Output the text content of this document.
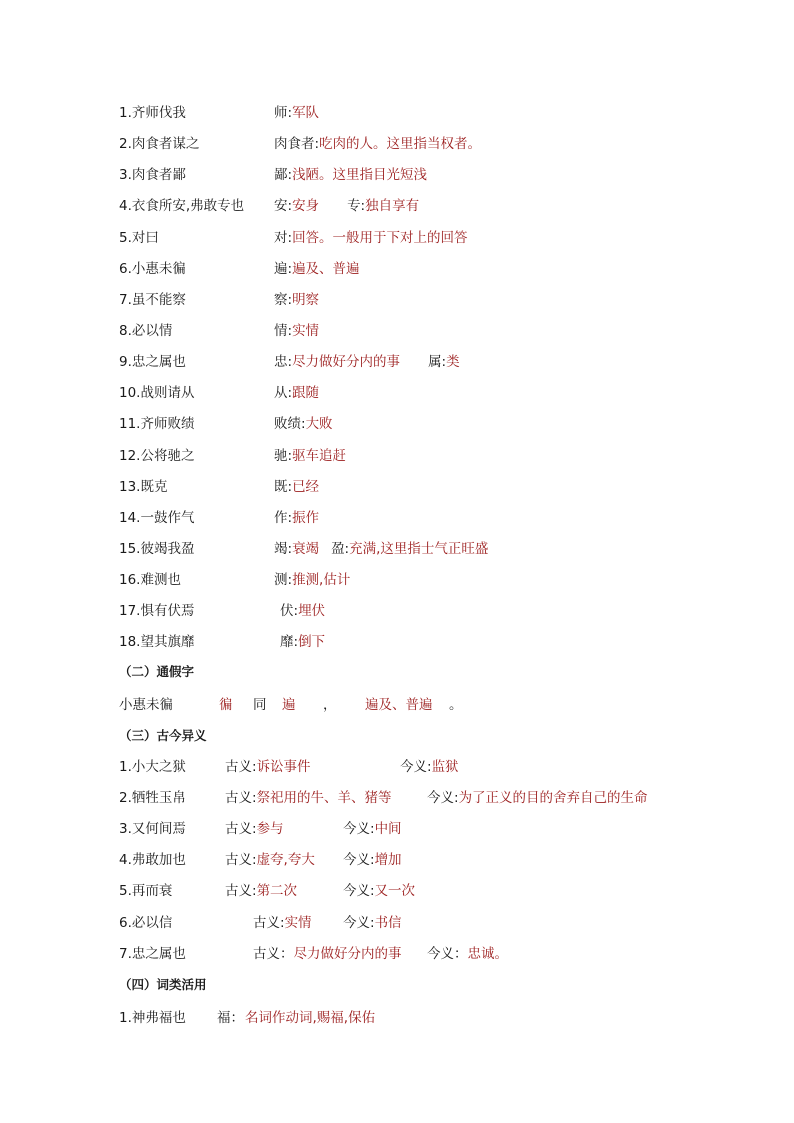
1.齐师伐我	师:军队
2.肉食者谋之	肉食者:吃肉的人。这里指当权者。
3.肉食者鄙	鄙:浅陋。这里指目光短浅
4.衣食所安,弗敢专也 安:安身 专:独自享有
5.对曰	对:回答。一般用于下对上的回答
6.小惠未徧	遍:遍及、普遍
7.虽不能察	察:明察
8.必以情	情:实情
9.忠之属也	忠:尽力做好分内的事 属:类
10.战则请从	从:跟随
11.齐师败绩	败绩:大败
12.公将驰之	驰:驱车追赶
13.既克	既:已经
14.一鼓作气	作:振作
15.彼竭我盈	竭:衰竭 盈:充满,这里指士气正旺盛
16.难测也	测:推测,估计
17.惧有伏焉	伏:埋伏
18.望其旗靡	靡:倒下
（二）通假字
小惠未徧	徧 同 遍 ， 遍及、普遍 。
（三）古今异义
1.小大之狱	古义:诉讼事件	今义:监狱
2.牺牲玉帛	古义:祭祀用的牛、羊、猪等	今义:为了正义的目的舍弃自己的生命
3.又何间焉	古义:参与	今义:中间
4.弗敢加也	古义:虚夸,夸大 今义:增加
5.再而衰	古义:第二次	今义:又一次
6.必以信	古义:实情 今义:书信
7.忠之属也	古义：尽力做好分内的事 今义：忠诚。
（四）词类活用
1.神弗福也 福： 名词作动词,赐福,保佑
